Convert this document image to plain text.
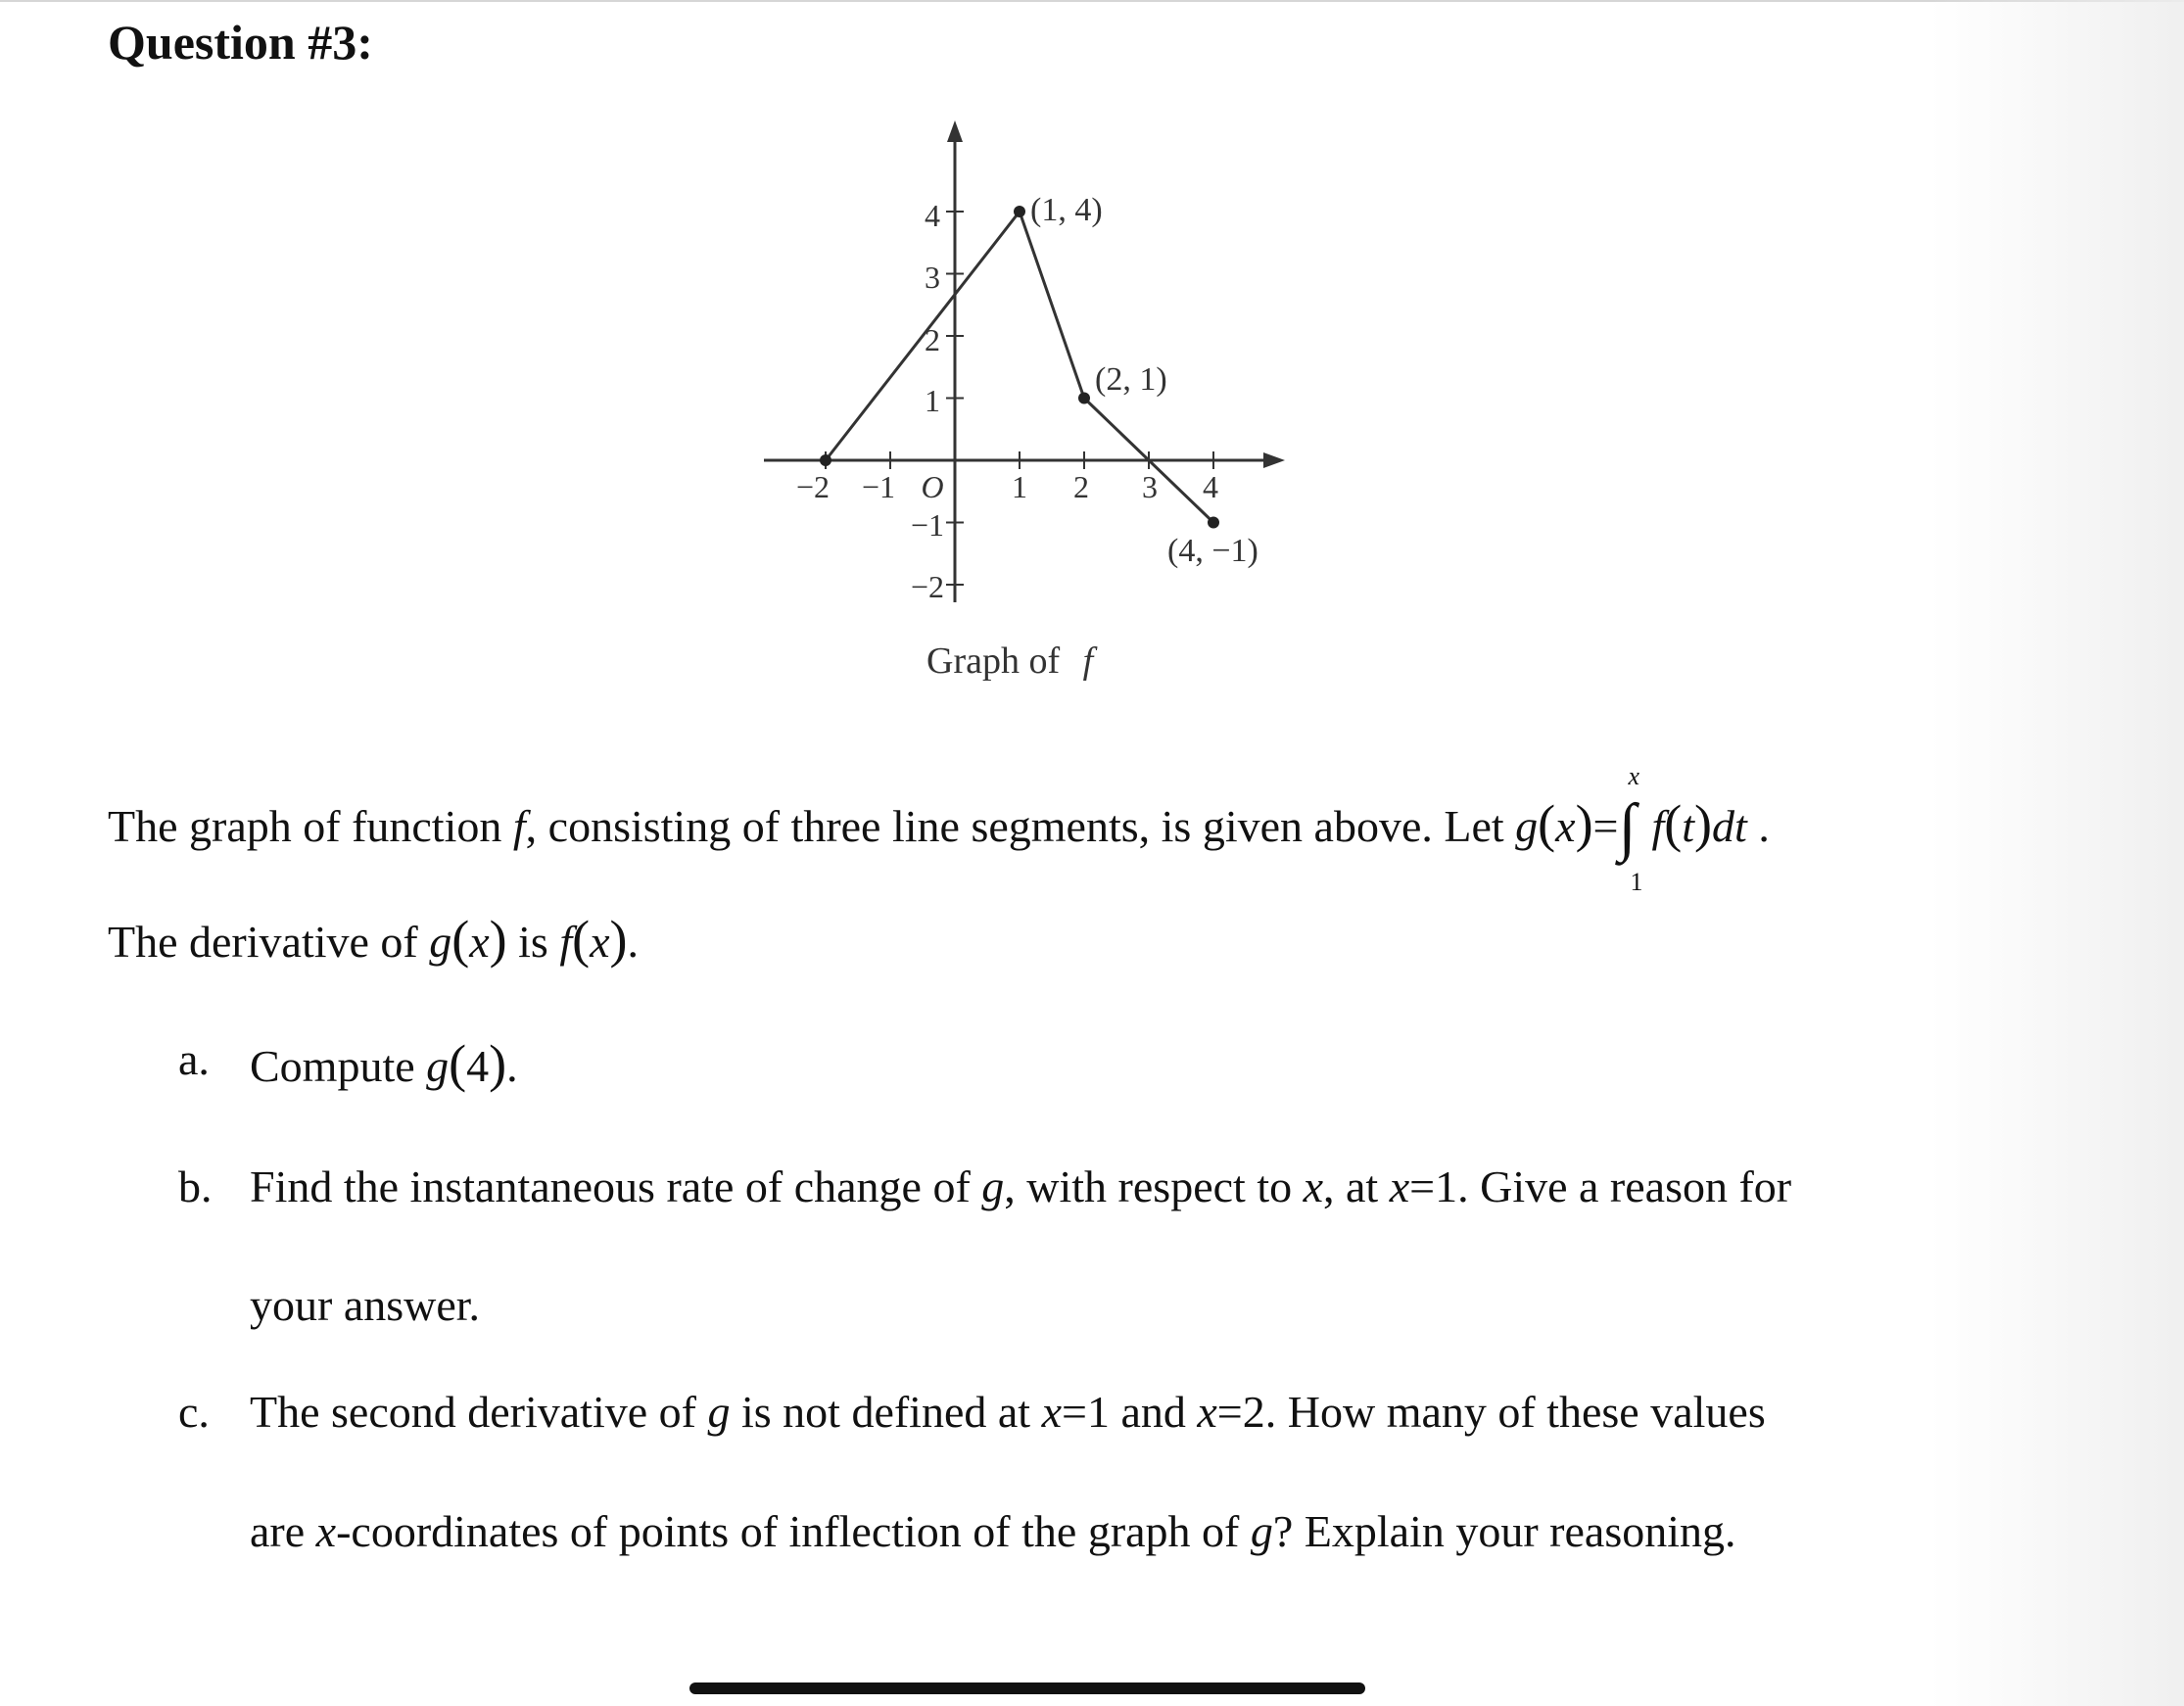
Question #3:
−2 −1 O 1 2 3 4
4
3
2
1
−1
−2
(1, 4)
(2, 1)
(4, −1)
Graph of f
The graph of function f, consisting of three line segments, is given above. Let g(x)= ∫
x
1
f(t)dt .
The derivative of g(x) is f(x).
a. Compute g(4).
b. Find the instantaneous rate of change of g, with respect to x, at x=1. Give a reason for
your answer.
c. The second derivative of g is not defined at x=1 and x=2. How many of these values
are x-coordinates of points of inflection of the graph of g? Explain your reasoning.
